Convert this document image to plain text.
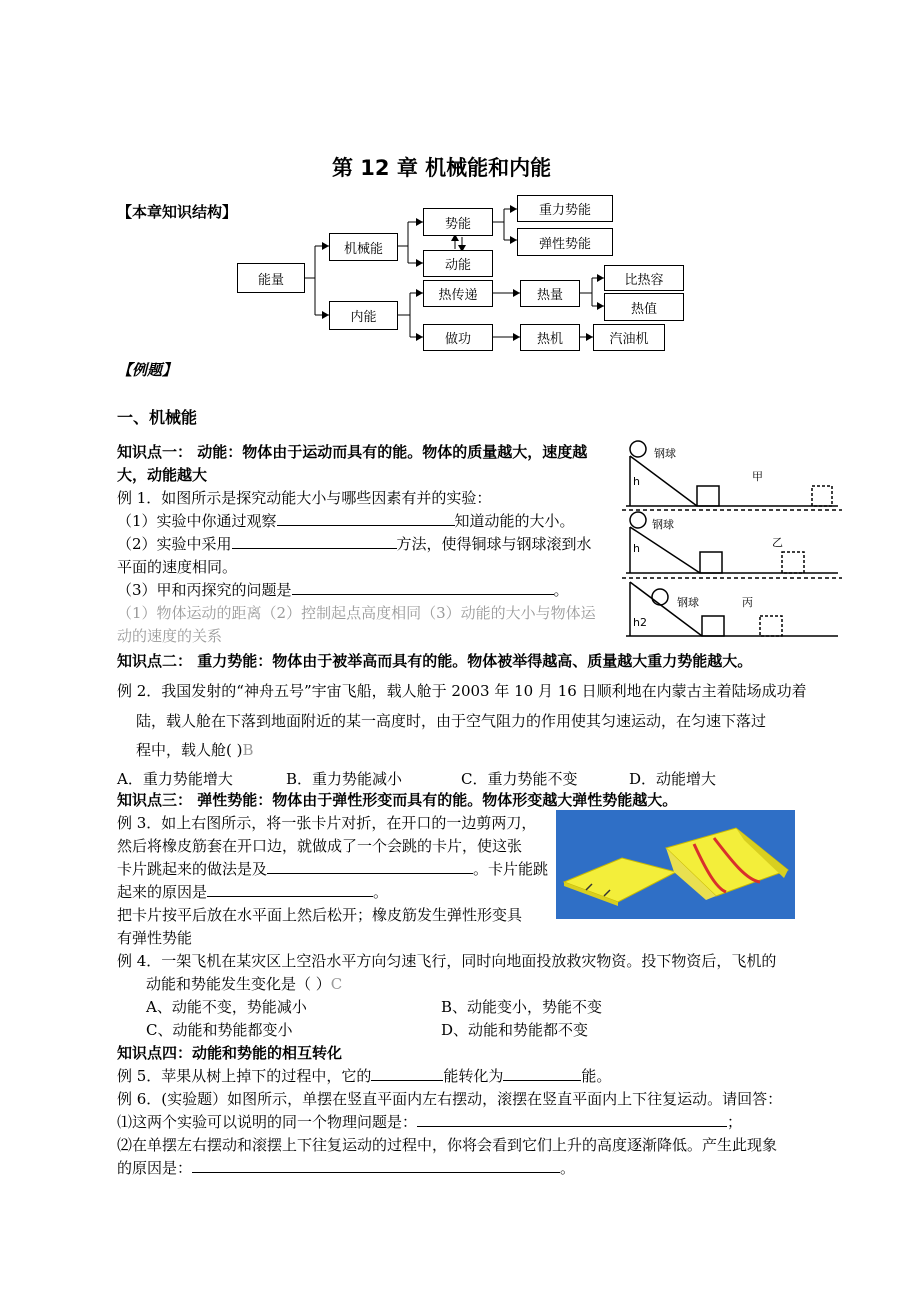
第 12 章 机械能和内能
【本章知识结构】
能量
机械能
内能
势能
动能
重力势能
弹性势能
热传递	热量
比热容
热值
做功	热机	汽油机
【例题】
一、机械能
知识点一： 动能：物体由于运动而具有的能。物体的质量越大，速度越
大，动能越大
例 1．如图所示是探究动能大小与哪些因素有并的实验：
（1）实验中你通过观察	知道动能的大小。
（2）实验中采用	方法，使得铜球与钢球滚到水
平面的速度相同。
（3）甲和丙探究的问题是	。
（1）物体运动的距离（2）控制起点高度相同（3）动能的大小与物体运
动的速度的关系
钢球
甲
h
钢球
乙
h
钢球	丙
h2
知识点二： 重力势能：物体由于被举高而具有的能。物体被举得越高、质量越大重力势能越大。
例 2．我国发射的“神舟五号”宇宙飞船，载人舱于 2003 年 10 月 16 日顺利地在内蒙古主着陆场成功着
陆，载人舱在下落到地面附近的某一高度时，由于空气阻力的作用使其匀速运动，在匀速下落过
程中，载人舱( )B
A．重力势能增大	B．重力势能减小	C．重力势能不变	D．动能增大
知识点三： 弹性势能：物体由于弹性形变而具有的能。物体形变越大弹性势能越大。
例 3．如上右图所示，将一张卡片对折，在开口的一边剪两刀，
然后将橡皮筋套在开口边，就做成了一个会跳的卡片，使这张
卡片跳起来的做法是及	。卡片能跳
起来的原因是	。
把卡片按平后放在水平面上然后松开；橡皮筋发生弹性形变具
有弹性势能
例 4．一架飞机在某灾区上空沿水平方向匀速飞行，同时向地面投放救灾物资。投下物资后，飞机的
动能和势能发生变化是（ ）C
A、动能不变，势能减小	B、动能变小，势能不变
C、动能和势能都变小	D、动能和势能都不变
知识点四：动能和势能的相互转化
例 5．苹果从树上掉下的过程中，它的	能转化为	能。
例 6．(实验题）如图所示，单摆在竖直平面内左右摆动，滚摆在竖直平面内上下往复运动。请回答：
⑴这两个实验可以说明的同一个物理问题是：	；
⑵在单摆左右摆动和滚摆上下往复运动的过程中，你将会看到它们上升的高度逐渐降低。产生此现象
的原因是：	。
